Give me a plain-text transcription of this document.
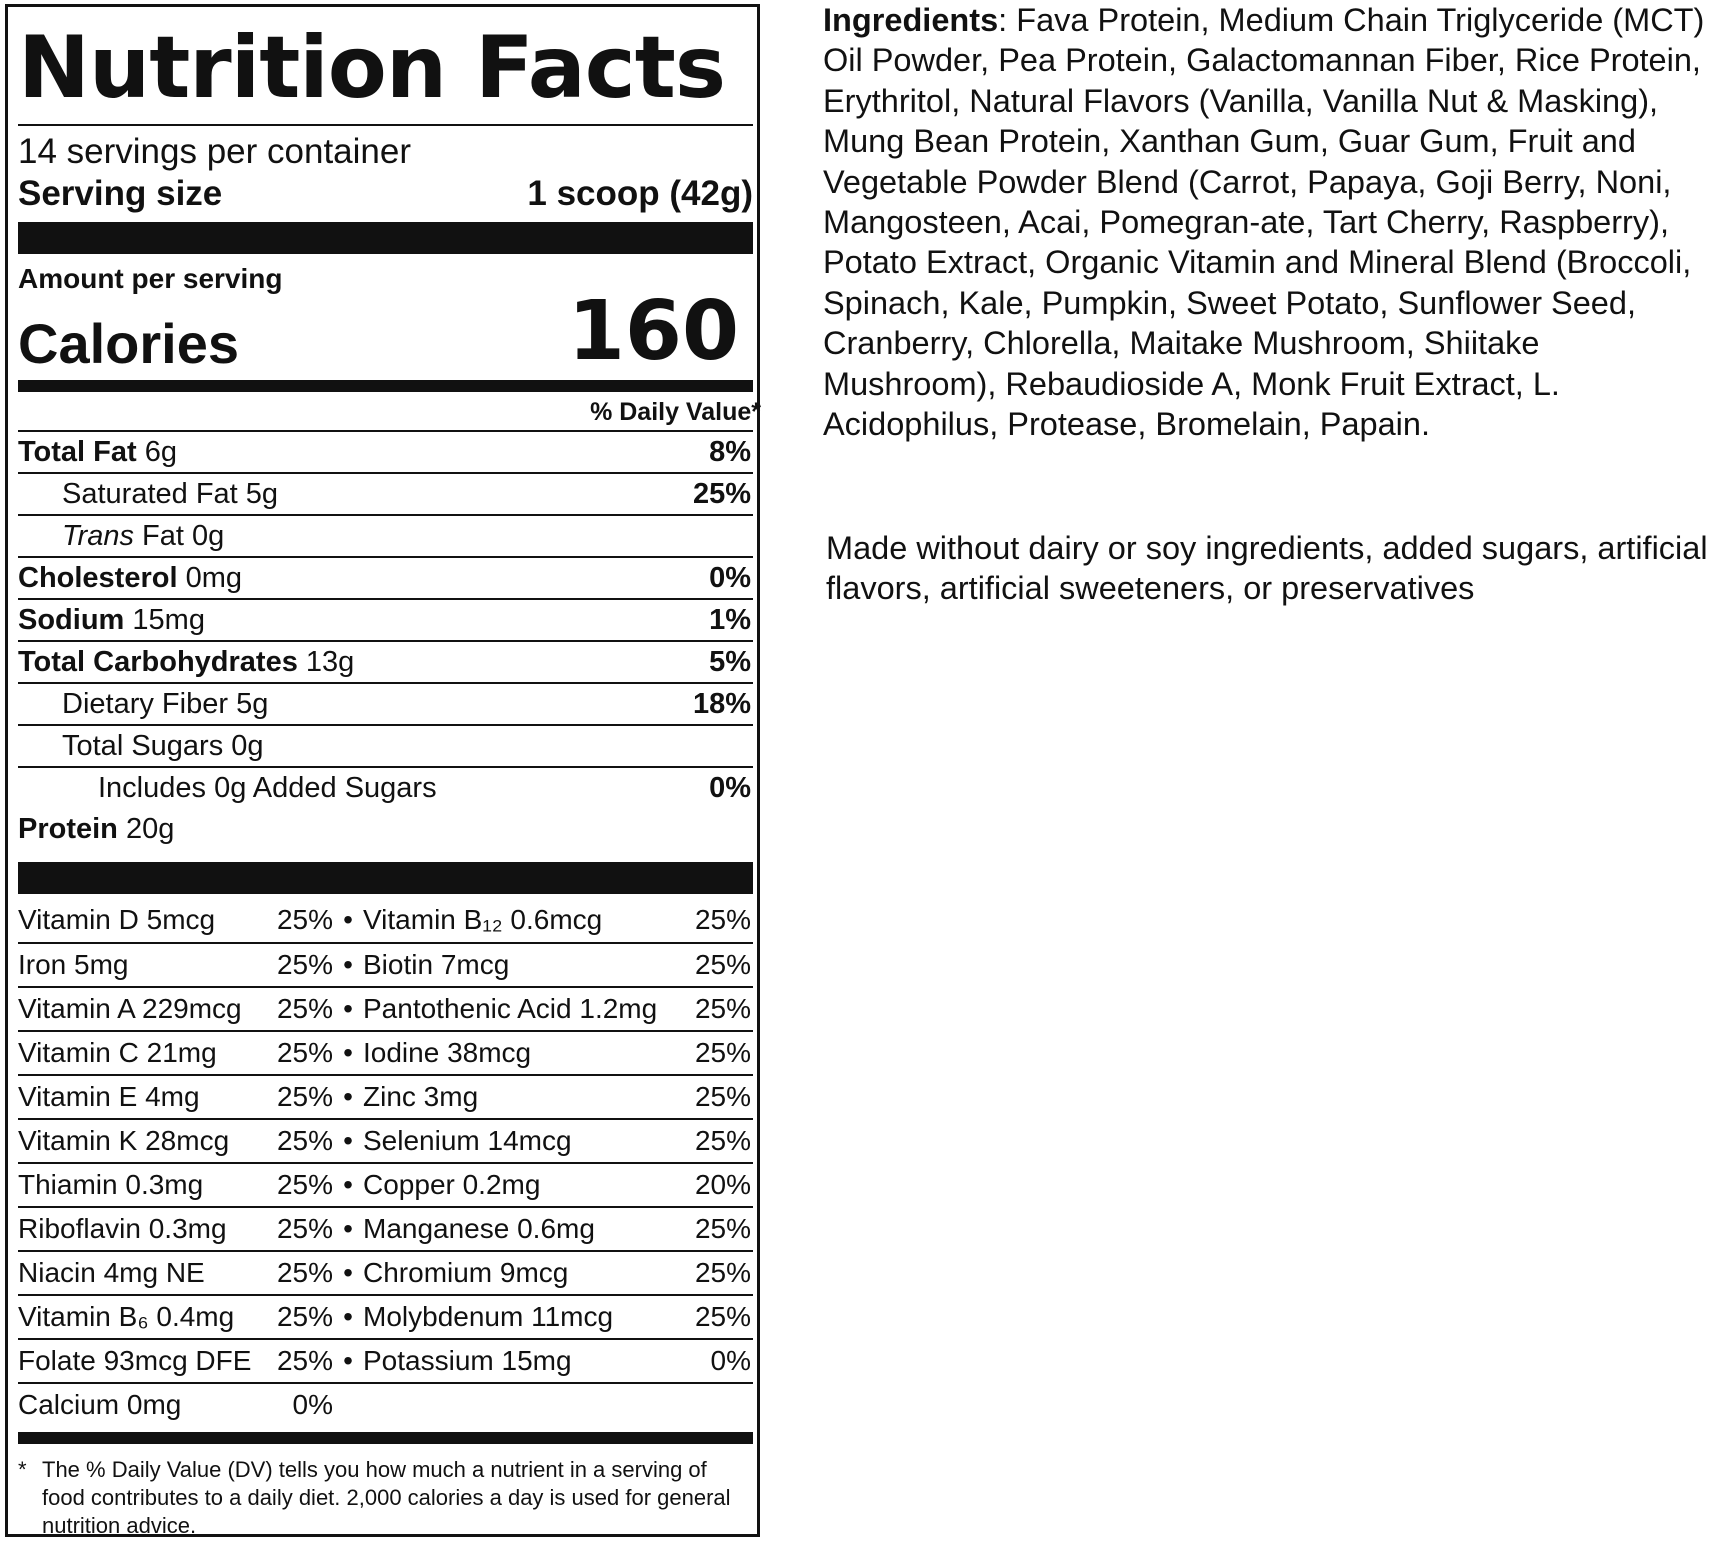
Nutrition Facts
14 servings per container
Serving size	1 scoop (42g)
Amount per serving
Calories	160
% Daily Value*
Total Fat 6g	8%
Saturated Fat 5g	25%
Trans Fat 0g
Cholesterol 0mg	0%
Sodium 15mg	1%
Total Carbohydrates 13g	5%
Dietary Fiber 5g	18%
Total Sugars 0g
Includes 0g Added Sugars	0%
Protein 20g
Vitamin D 5mcg	25% • Vitamin B₁₂ 0.6mcg	25%
Iron 5mg	25% • Biotin 7mcg	25%
Vitamin A 229mcg	25% • Pantothenic Acid 1.2mg	25%
Vitamin C 21mg	25% • Iodine 38mcg	25%
Vitamin E 4mg	25% • Zinc 3mg	25%
Vitamin K 28mcg	25% • Selenium 14mcg	25%
Thiamin 0.3mg	25% • Copper 0.2mg	20%
Riboflavin 0.3mg	25% • Manganese 0.6mg	25%
Niacin 4mg NE	25% • Chromium 9mcg	25%
Vitamin B₆ 0.4mg	25% • Molybdenum 11mcg	25%
Folate 93mcg DFE 25% • Potassium 15mg	0%
Calcium 0mg	0%
* The % Daily Value (DV) tells you how much a nutrient in a serving of food contributes to a daily diet. 2,000 calories a day is used for general nutrition advice.
Ingredients: Fava Protein, Medium Chain Triglyceride (MCT) Oil Powder, Pea Protein, Galactomannan Fiber, Rice Protein, Erythritol, Natural Flavors (Vanilla, Vanilla Nut & Masking), Mung Bean Protein, Xanthan Gum, Guar Gum, Fruit and Vegetable Powder Blend (Carrot, Papaya, Goji Berry, Noni, Mangosteen, Acai, Pomegran-ate, Tart Cherry, Raspberry), Potato Extract, Organic Vitamin and Mineral Blend (Broccoli, Spinach, Kale, Pumpkin, Sweet Potato, Sunflower Seed, Cranberry, Chlorella, Maitake Mushroom, Shiitake Mushroom), Rebaudioside A, Monk Fruit Extract, L. Acidophilus, Protease, Bromelain, Papain.
Made without dairy or soy ingredients, added sugars, artificial flavors, artificial sweeteners, or preservatives
